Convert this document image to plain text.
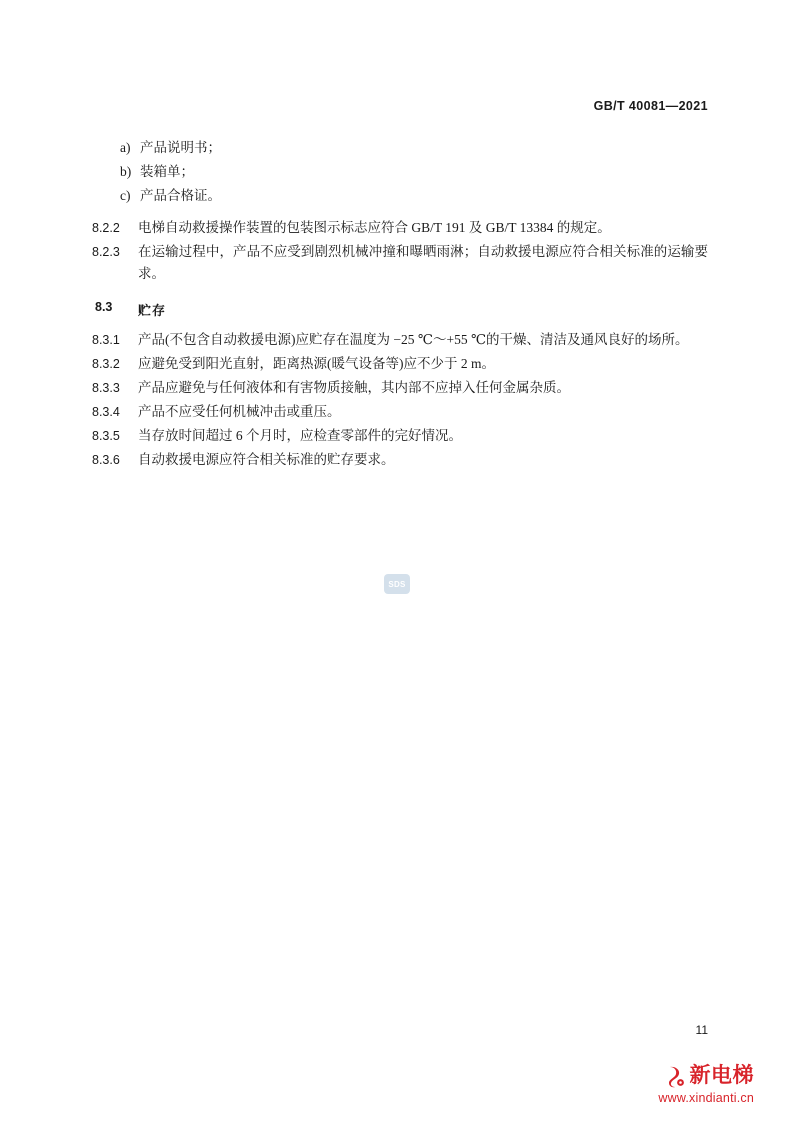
GB/T 40081—2021
a) 产品说明书；
b) 装箱单；
c) 产品合格证。
8.2.2	电梯自动救援操作装置的包装图示标志应符合 GB/T 191 及 GB/T 13384 的规定。
8.2.3	在运输过程中，产品不应受到剧烈机械冲撞和曝晒雨淋；自动救援电源应符合相关标准的运输要求。
8.3	贮存
8.3.1	产品(不包含自动救援电源)应贮存在温度为 −25 ℃～+55 ℃的干燥、清洁及通风良好的场所。
8.3.2	应避免受到阳光直射，距离热源(暖气设备等)应不少于 2 m。
8.3.3	产品应避免与任何液体和有害物质接触，其内部不应掉入任何金属杂质。
8.3.4	产品不应受任何机械冲击或重压。
8.3.5	当存放时间超过 6 个月时，应检查零部件的完好情况。
8.3.6	自动救援电源应符合相关标准的贮存要求。
SDS
11
新电梯
www.xindianti.cn
